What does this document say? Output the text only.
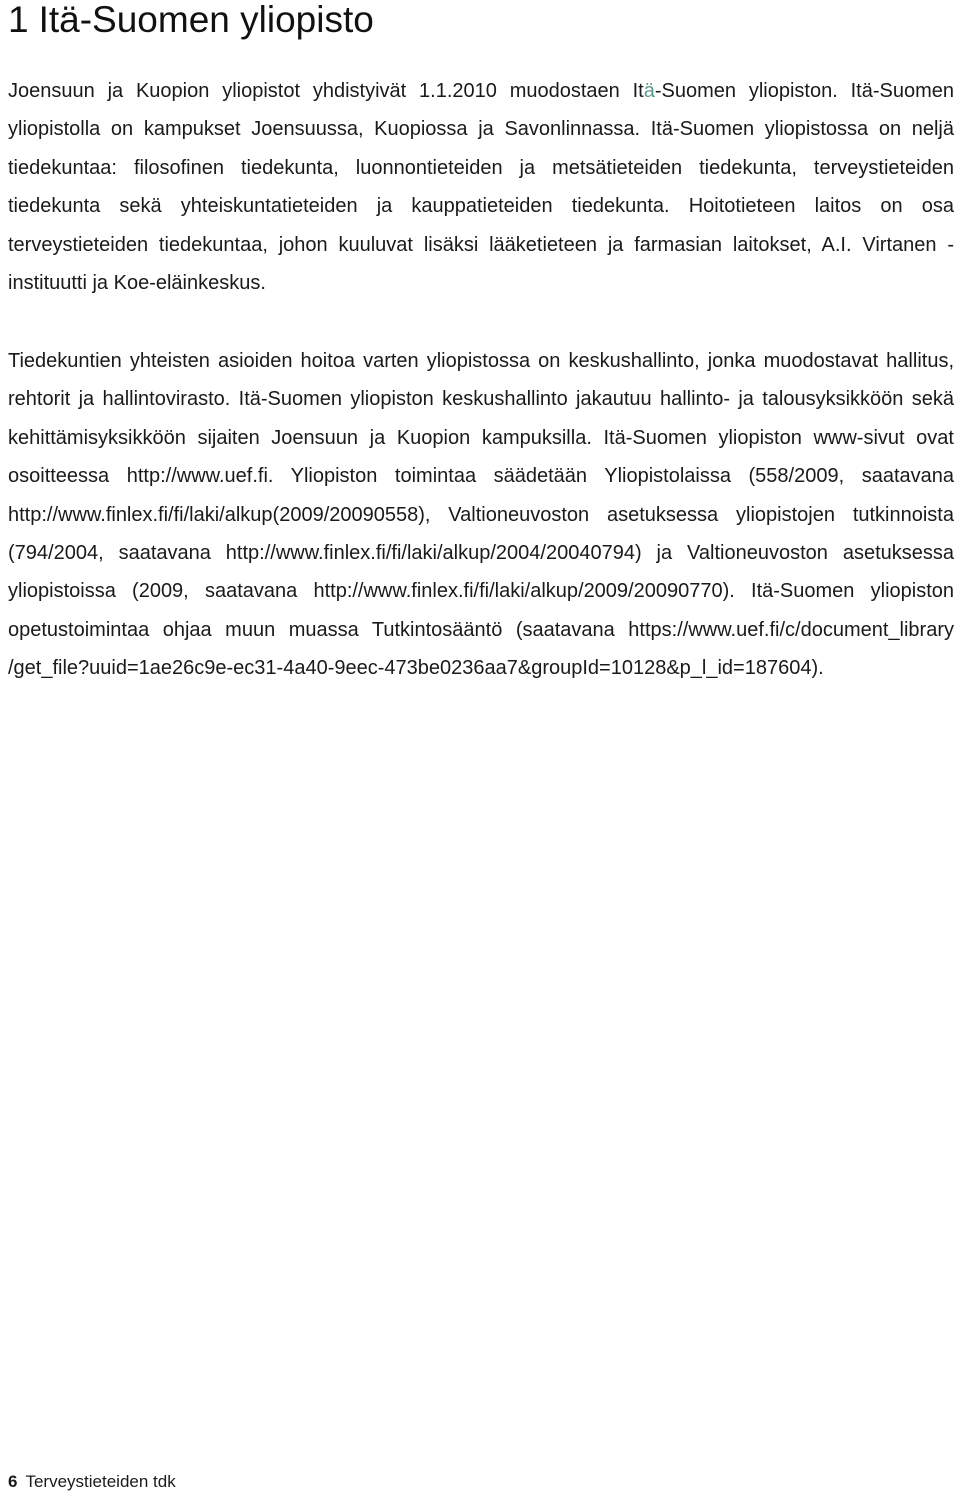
1 Itä-Suomen yliopisto

Joensuun ja Kuopion yliopistot yhdistyivät 1.1.2010 muodostaen Itä-Suomen yliopiston. Itä-Suomen yliopistolla on kampukset Joensuussa, Kuopiossa ja Savonlinnassa. Itä-Suomen yliopistossa on neljä tiedekuntaa: filosofinen tiedekunta, luonnontieteiden ja metsätieteiden tiedekunta, terveystieteiden tiedekunta sekä yhteiskuntatieteiden ja kauppatieteiden tiedekunta. Hoitotieteen laitos on osa terveystieteiden tiedekuntaa, johon kuuluvat lisäksi lääketieteen ja farmasian laitokset, A.I. Virtanen -instituutti ja Koe-eläinkeskus.

Tiedekuntien yhteisten asioiden hoitoa varten yliopistossa on keskushallinto, jonka muodostavat hallitus, rehtorit ja hallintovirasto. Itä-Suomen yliopiston keskushallinto jakautuu hallinto- ja talousyksikköön sekä kehittämisyksikköön sijaiten Joensuun ja Kuopion kampuksilla. Itä-Suomen yliopiston www-sivut ovat osoitteessa http://www.uef.fi. Yliopiston toimintaa säädetään Yliopistolaissa (558/2009, saatavana http://www.finlex.fi/fi/laki/alkup(2009/20090558), Valtioneuvoston asetuksessa yliopistojen tutkinnoista (794/2004, saatavana http://www.finlex.fi/fi/laki/​alkup/2004/20040794) ja Valtioneuvoston asetuksessa yliopistoissa (2009, saatavana http://www.finlex.fi/fi/laki/alkup/2009/20090770). Itä-Suomen yliopiston opetustoimintaa ohjaa muun muassa Tutkintosääntö (saatavana https://www.uef.fi/c/document_library /get_file?uuid=1ae26c9e-ec31-4a40-9eec-473be0236aa7&groupId=10128&p_l_id=187604).

6 Terveystieteiden tdk
